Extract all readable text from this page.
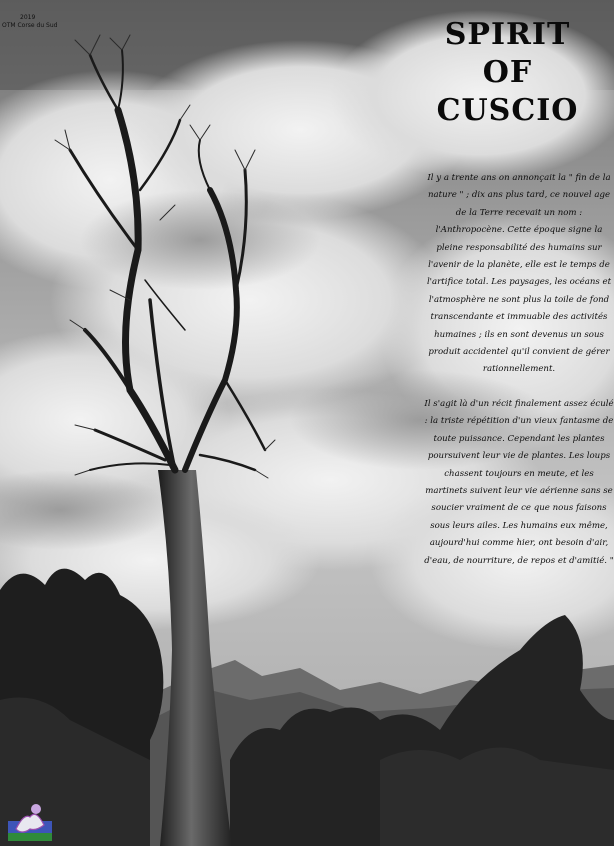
2019
OTM Corse du Sud	SPIRIT
OF
CUSCIO

Il y a trente ans on annonçait la " fin de la nature " ; dix ans plus tard, ce nouvel age de la Terre recevait un nom : l'Anthropocène. Cette époque signe la pleine responsabilité des humains sur l'avenir de la planète, elle est le temps de l'artifice total. Les paysages, les océans et l'atmosphère ne sont plus la toile de fond transcendante et immuable des activités humaines ; ils en sont devenus un sous produit accidentel qu'il convient de gérer rationnellement.

Il s'agit là d'un récit finalement assez éculé : la triste répétition d'un vieux fantasme de toute puissance. Cependant les plantes poursuivent leur vie de plantes. Les loups chassent toujours en meute, et les martinets suivent leur vie aérienne sans se soucier vraiment de ce que nous faisons sous leurs ailes. Les humains eux même, aujourd'hui comme hier, ont besoin d'air, d'eau, de nourriture, de repos et d'amitié. "
